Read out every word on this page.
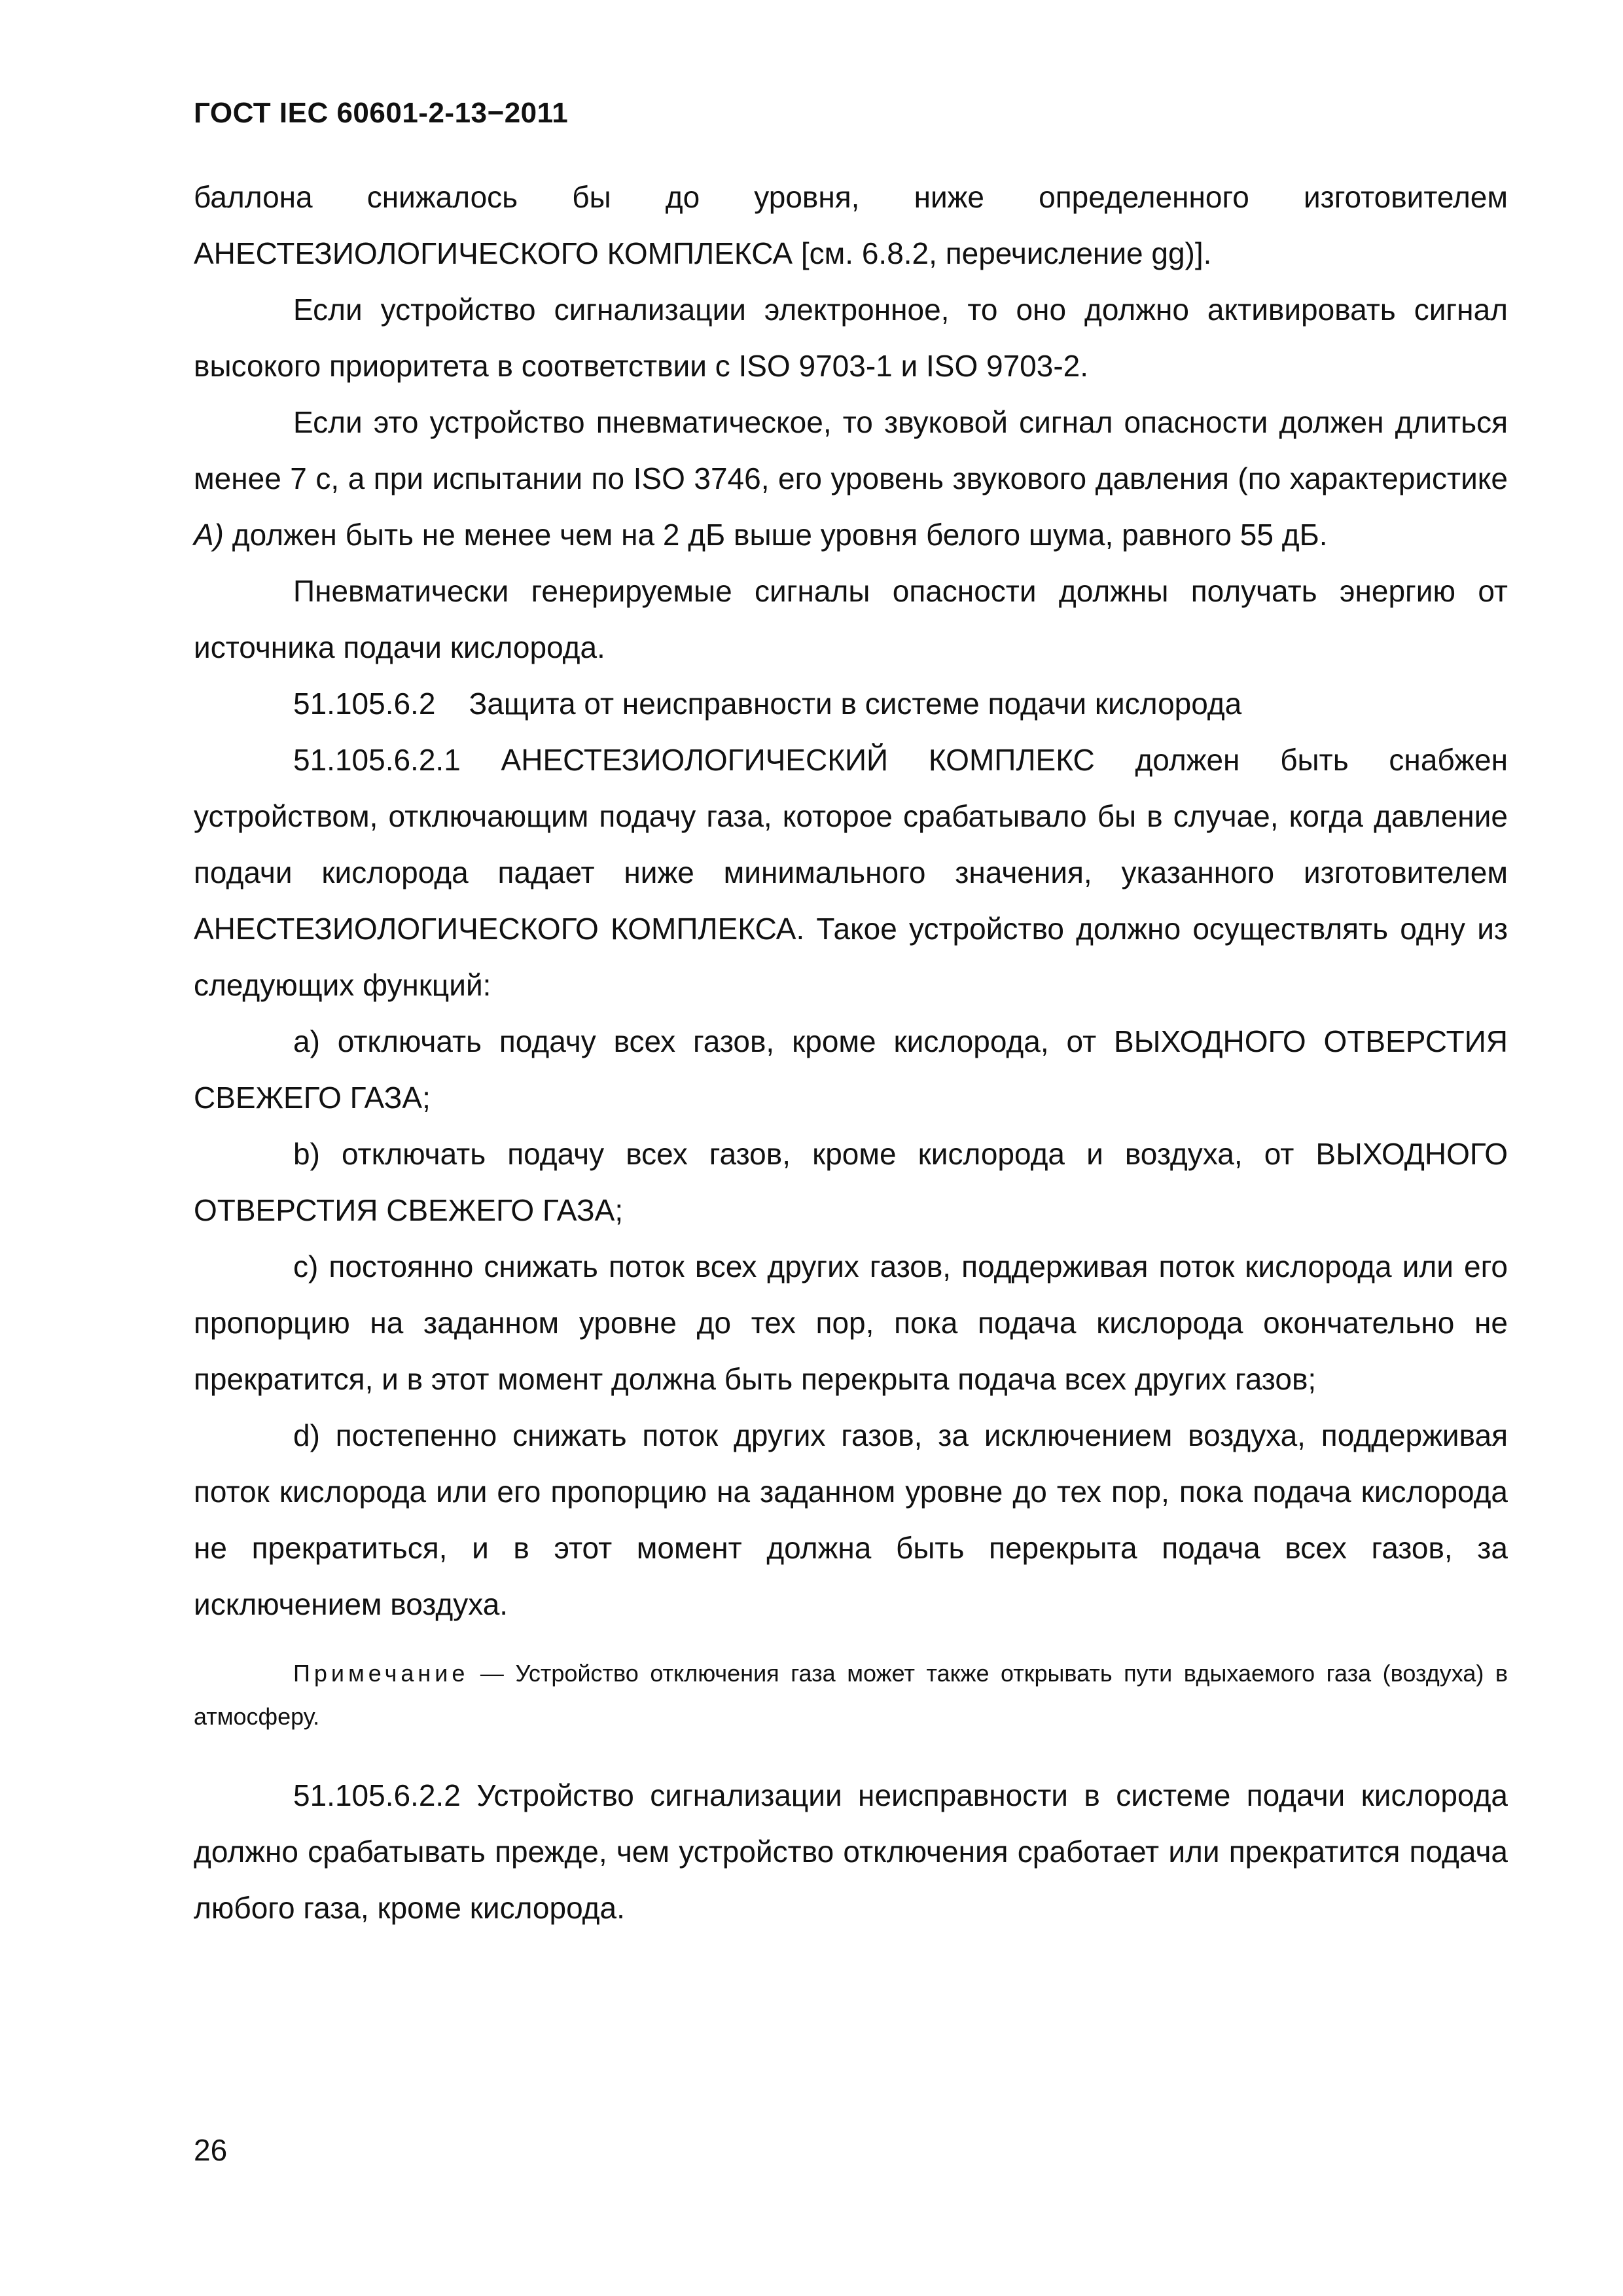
ГОСТ IEC 60601-2-13−2011

баллона снижалось бы до уровня, ниже определенного изготовителем АНЕСТЕЗИОЛОГИЧЕСКОГО КОМПЛЕКСА [см. 6.8.2, перечисление gg)].

Если устройство сигнализации электронное, то оно должно активировать сигнал высокого приоритета в соответствии с ISO 9703-1 и ISO 9703-2.

Если это устройство пневматическое, то звуковой сигнал опасности должен длиться менее 7 с, а при испытании по ISO 3746, его уровень звукового давления (по характеристике А) должен быть не менее чем на 2 дБ выше уровня белого шума, равного 55 дБ.

Пневматически генерируемые сигналы опасности должны получать энергию от источника подачи кислорода.

51.105.6.2    Защита от неисправности в системе подачи кислорода

51.105.6.2.1 АНЕСТЕЗИОЛОГИЧЕСКИЙ КОМПЛЕКС должен быть снабжен устройством, отключающим подачу газа, которое срабатывало бы в случае, когда давление подачи кислорода падает ниже минимального значения, указанного изготовителем АНЕСТЕЗИОЛОГИЧЕСКОГО КОМПЛЕКСА. Такое устройство должно осуществлять одну из следующих функций:

a) отключать подачу всех газов, кроме кислорода, от ВЫХОДНОГО ОТВЕРСТИЯ СВЕЖЕГО ГАЗА;

b) отключать подачу всех газов, кроме кислорода и воздуха, от ВЫХОДНОГО ОТВЕРСТИЯ СВЕЖЕГО ГАЗА;

c) постоянно снижать поток всех других газов, поддерживая поток кислорода или его пропорцию на заданном уровне до тех пор, пока подача кислорода окончательно не прекратится, и в этот момент должна быть перекрыта подача всех других газов;

d) постепенно снижать поток других газов, за исключением воздуха, поддерживая поток кислорода или его пропорцию на заданном уровне до тех пор, пока подача кислорода не прекратиться, и в этот момент должна быть перекрыта подача всех газов, за исключением воздуха.

Примечание — Устройство отключения газа может также открывать пути вдыхаемого газа (воздуха) в атмосферу.

51.105.6.2.2 Устройство сигнализации неисправности в системе подачи кислорода должно срабатывать прежде, чем устройство отключения сработает или прекратится подача любого газа, кроме кислорода.

26
